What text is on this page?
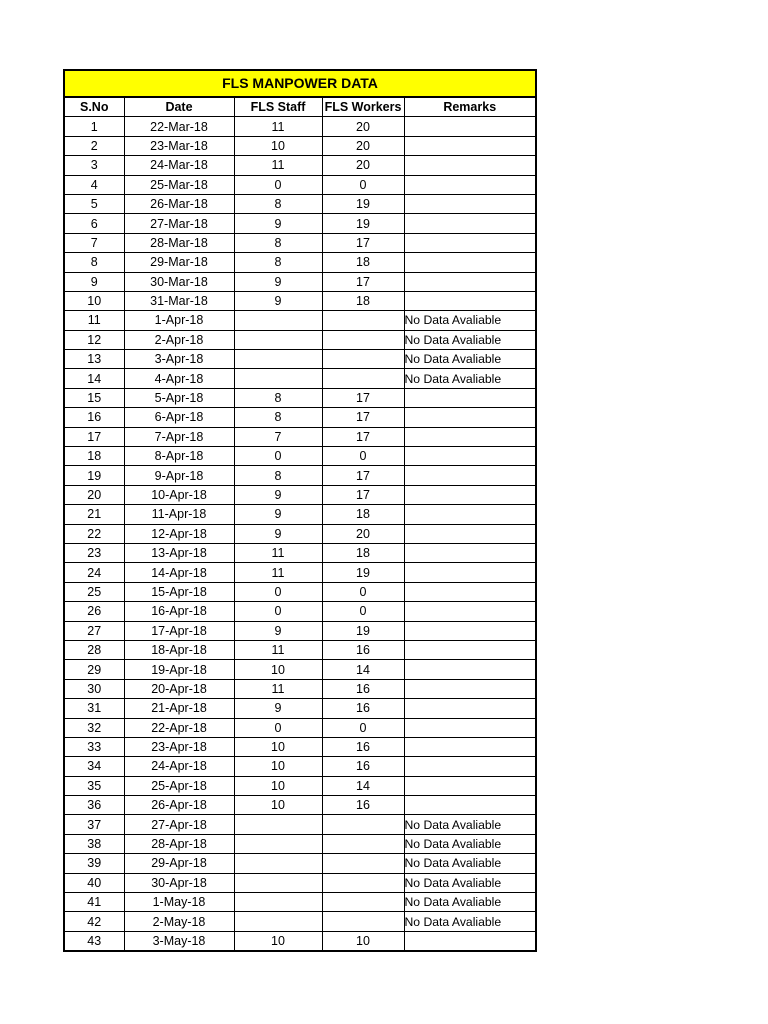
FLS MANPOWER DATA				
S.No	Date	FLS Staff	FLS Workers	Remarks
1	22-Mar-18	11	20	
2	23-Mar-18	10	20	
3	24-Mar-18	11	20	
4	25-Mar-18	0	0	
5	26-Mar-18	8	19	
6	27-Mar-18	9	19	
7	28-Mar-18	8	17	
8	29-Mar-18	8	18	
9	30-Mar-18	9	17	
10	31-Mar-18	9	18	
11	1-Apr-18			No Data Avaliable
12	2-Apr-18			No Data Avaliable
13	3-Apr-18			No Data Avaliable
14	4-Apr-18			No Data Avaliable
15	5-Apr-18	8	17	
16	6-Apr-18	8	17	
17	7-Apr-18	7	17	
18	8-Apr-18	0	0	
19	9-Apr-18	8	17	
20	10-Apr-18	9	17	
21	11-Apr-18	9	18	
22	12-Apr-18	9	20	
23	13-Apr-18	11	18	
24	14-Apr-18	11	19	
25	15-Apr-18	0	0	
26	16-Apr-18	0	0	
27	17-Apr-18	9	19	
28	18-Apr-18	11	16	
29	19-Apr-18	10	14	
30	20-Apr-18	11	16	
31	21-Apr-18	9	16	
32	22-Apr-18	0	0	
33	23-Apr-18	10	16	
34	24-Apr-18	10	16	
35	25-Apr-18	10	14	
36	26-Apr-18	10	16	
37	27-Apr-18			No Data Avaliable
38	28-Apr-18			No Data Avaliable
39	29-Apr-18			No Data Avaliable
40	30-Apr-18			No Data Avaliable
41	1-May-18			No Data Avaliable
42	2-May-18			No Data Avaliable
43	3-May-18	10	10	
